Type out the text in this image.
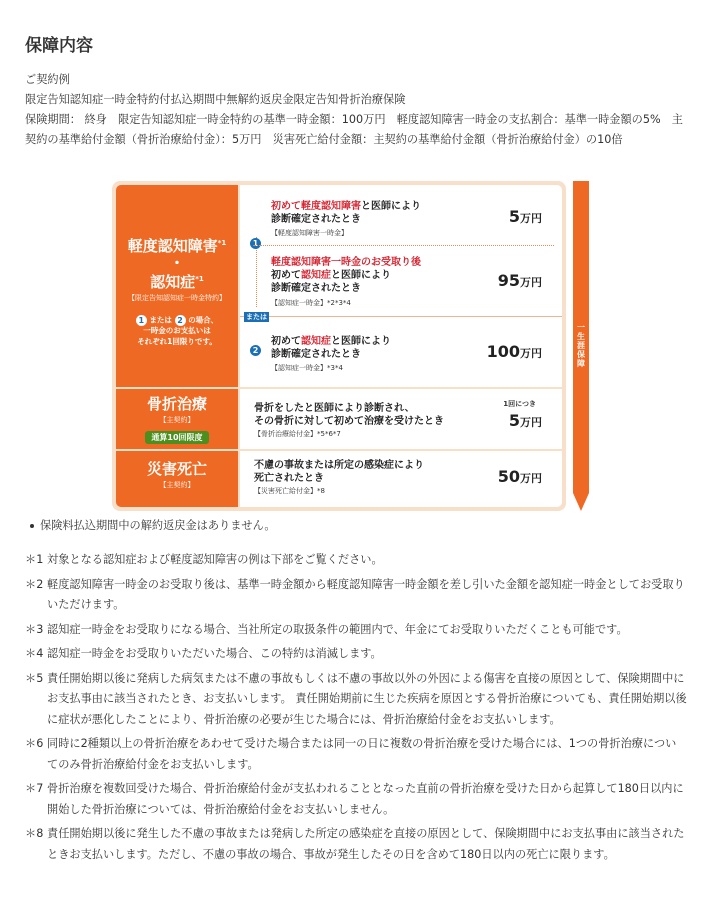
保障内容

ご契約例

限定告知認知症一時金特約付払込期間中無解約返戻金限定告知骨折治療保険

保険期間： 終身　限定告知認知症一時金特約の基準一時金額：100万円　軽度認知障害一時金の支払割合：基準一時金額の5%　主契約の基準給付金額（骨折治療給付金）：5万円　災害死亡給付金額：主契約の基準給付金額（骨折治療給付金）の10倍

軽度認知障害$^{*1}$
・
認知症$^{*1}$
【限定告知認知症一時金特約】
1 または 2 の場合、
一時金のお支払いは
それぞれ1回限りです。
初めて軽度認知障害と医師により
診断確定されたとき
【軽度認知障害一時金】
5万円
1
軽度認知障害一時金のお受取り後
初めて認知症と医師により
診断確定されたとき
【認知症一時金】*2*3*4
95万円
または
2
初めて認知症と医師により
診断確定されたとき
【認知症一時金】*3*4
100万円
骨折治療
【主契約】
通算10回限度
骨折をしたと医師により診断され、
その骨折に対して初めて治療を受けたとき
【骨折治療給付金】*5*6*7
1回につき
5万円
災害死亡
【主契約】
不慮の事故または所定の感染症により
死亡されたとき
【災害死亡給付金】*8
50万円
一
生
涯
保
障
保険料払込期間中の解約返戻金はありません。

＊1 対象となる認知症および軽度認知障害の例は下部をご覧ください。

＊2 軽度認知障害一時金のお受取り後は、基準一時金額から軽度認知障害一時金額を差し引いた金額を認知症一時金としてお受取りいただけます。

＊3 認知症一時金をお受取りになる場合、当社所定の取扱条件の範囲内で、年金にてお受取りいただくことも可能です。

＊4 認知症一時金をお受取りいただいた場合、この特約は消滅します。

＊5 責任開始期以後に発病した病気または不慮の事故もしくは不慮の事故以外の外因による傷害を直接の原因として、保険期間中にお支払事由に該当されたとき、お支払いします。 責任開始期前に生じた疾病を原因とする骨折治療についても、責任開始期以後に症状が悪化したことにより、骨折治療の必要が生じた場合には、骨折治療給付金をお支払いします。

＊6 同時に2種類以上の骨折治療をあわせて受けた場合または同一の日に複数の骨折治療を受けた場合には、1つの骨折治療についてのみ骨折治療給付金をお支払いします。

＊7 骨折治療を複数回受けた場合、骨折治療給付金が支払われることとなった直前の骨折治療を受けた日から起算して180日以内に開始した骨折治療については、骨折治療給付金をお支払いしません。

＊8 責任開始期以後に発生した不慮の事故または発病した所定の感染症を直接の原因として、保険期間中にお支払事由に該当されたときお支払いします。ただし、不慮の事故の場合、事故が発生したその日を含めて180日以内の死亡に限ります。
